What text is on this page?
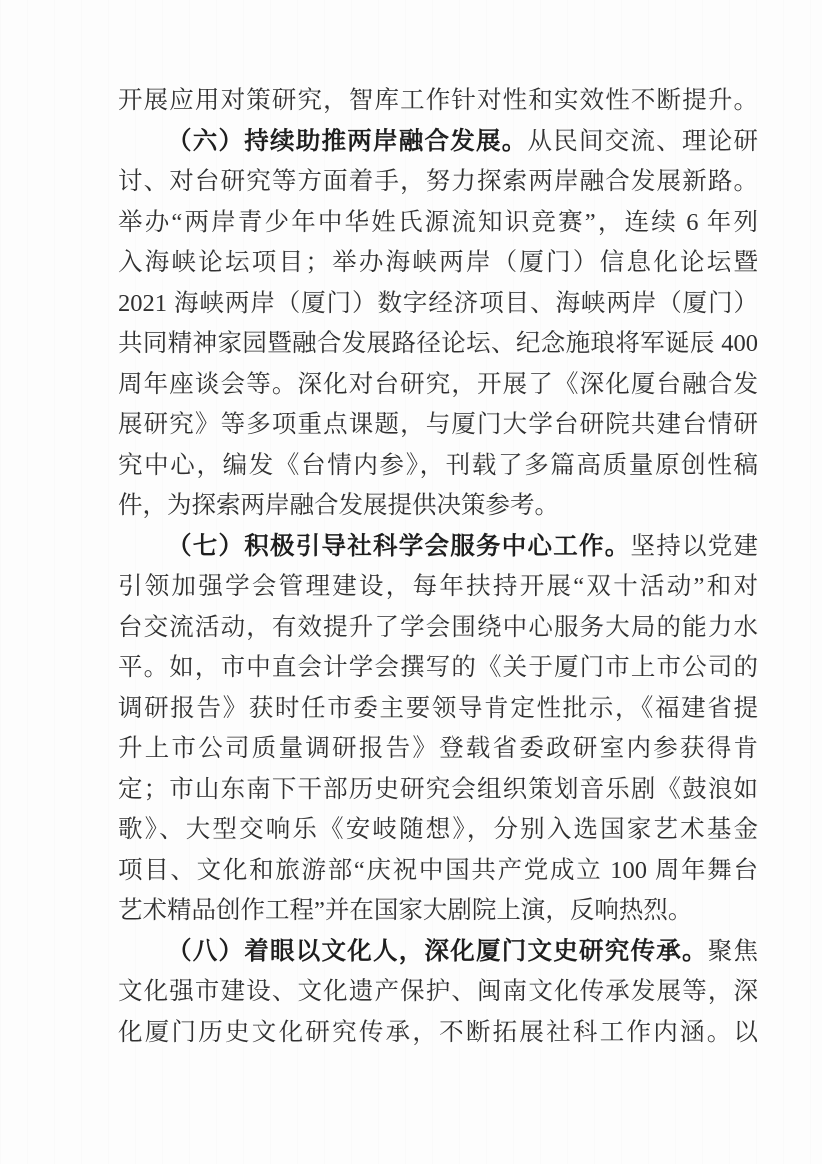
开展应用对策研究，智库工作针对性和实效性不断提升。
（六）持续助推两岸融合发展。从民间交流、理论研
讨、对台研究等方面着手，努力探索两岸融合发展新路。
举办“两岸青少年中华姓氏源流知识竞赛”，连续 6 年列
入海峡论坛项目；举办海峡两岸（厦门）信息化论坛暨
2021 海峡两岸（厦门）数字经济项目、海峡两岸（厦门）
共同精神家园暨融合发展路径论坛、纪念施琅将军诞辰 400
周年座谈会等。深化对台研究，开展了《深化厦台融合发
展研究》等多项重点课题，与厦门大学台研院共建台情研
究中心，编发《台情内参》，刊载了多篇高质量原创性稿
件，为探索两岸融合发展提供决策参考。
（七）积极引导社科学会服务中心工作。坚持以党建
引领加强学会管理建设，每年扶持开展“双十活动”和对
台交流活动，有效提升了学会围绕中心服务大局的能力水
平。如，市中直会计学会撰写的《关于厦门市上市公司的
调研报告》获时任市委主要领导肯定性批示，《福建省提
升上市公司质量调研报告》登载省委政研室内参获得肯
定；市山东南下干部历史研究会组织策划音乐剧《鼓浪如
歌》、大型交响乐《安岐随想》，分别入选国家艺术基金
项目、文化和旅游部“庆祝中国共产党成立 100 周年舞台
艺术精品创作工程”并在国家大剧院上演，反响热烈。
（八）着眼以文化人，深化厦门文史研究传承。聚焦
文化强市建设、文化遗产保护、闽南文化传承发展等，深
化厦门历史文化研究传承，不断拓展社科工作内涵。以
